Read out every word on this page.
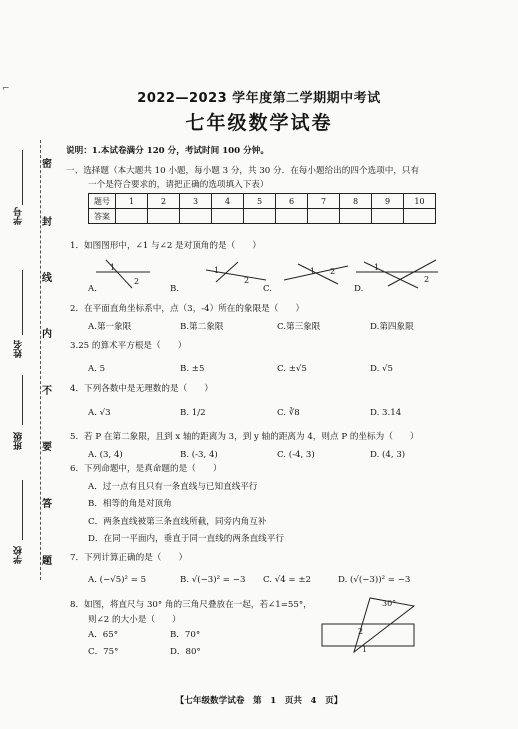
⌐
密
封
线
内
不
要
答
题
学号
姓名
班级
学校
2022—2023 学年度第二学期期中考试
七年级数学试卷
说明：1.本试卷满分 120 分，考试时间 100 分钟。
一、选择题（本大题共 10 小题，每小题 3 分，共 30 分．在每小题给出的四个选项中，只有
一个是符合要求的，请把正确的选项填入下表）
题号	1	2	3	4	5	6	7	8	9	10
答案										
1．如图图形中，∠1 与∠2 是对顶角的是（　　）
1
2
1
2
1 2	1
2
A.	B.	C.	D.
2．在平面直角坐标系中，点（3，-4）所在的象限是（　　）
A.第一象限	B.第二象限	C.第三象限	D.第四象限
3.25 的算术平方根是（　　）
A. 5	B. ±5	C. ±√5	D. √5
4．下列各数中是无理数的是（　　）
A. √3	B. 1/2	C. ∛8	D. 3.14
5．若 P 在第二象限，且到 x 轴的距离为 3，到 y 轴的距离为 4，则点 P 的坐标为（　　）
A. (3, 4)	B. (-3, 4)	C. (-4, 3)	D. (4, 3)
6．下列命题中，是真命题的是（　　）
A．过一点有且只有一条直线与已知直线平行
B．相等的角是对顶角
C．两条直线被第三条直线所截，同旁内角互补
D．在同一平面内，垂直于同一直线的两条直线平行
7．下列计算正确的是（　　）
A. (−√5)² = 5	B. √(−3)² = −3 C. √4 = ±2	D. (√(−3))² = −3
8．如图，将直尺与 30° 角的三角尺叠放在一起，若∠1=55°，
则∠2 的大小是（　　）
A．65°	B．70°
C．75°	D．80°
30°
2
1
【七年级数学试卷　第　1　页共　4　页】
